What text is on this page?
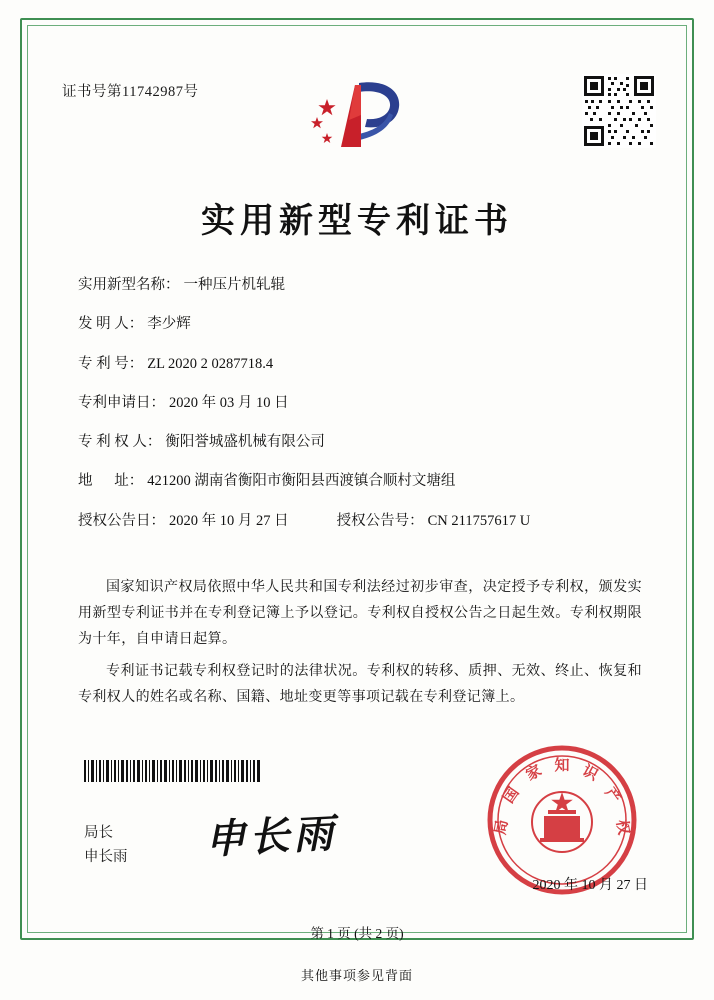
证书号第11742987号
实用新型专利证书
实用新型名称： 一种压片机轧辊
发 明 人： 李少辉
专 利 号： ZL 2020 2 0287718.4
专利申请日： 2020 年 03 月 10 日
专 利 权 人： 衡阳誉城盛机械有限公司
地      址： 421200 湖南省衡阳市衡阳县西渡镇合顺村文塘组
授权公告日： 2020 年 10 月 27 日	授权公告号： CN 211757617 U

国家知识产权局依照中华人民共和国专利法经过初步审查，决定授予专利权，颁发实用新型专利证书并在专利登记簿上予以登记。专利权自授权公告之日起生效。专利权期限为十年，自申请日起算。

专利证书记载专利权登记时的法律状况。专利权的转移、质押、无效、终止、恢复和专利权人的姓名或名称、国籍、地址变更等事项记载在专利登记簿上。

局长
申长雨 申长雨
知
家
国
局
识
产
权
2020 年 10 月 27 日
第 1 页 (共 2 页)
其他事项参见背面
